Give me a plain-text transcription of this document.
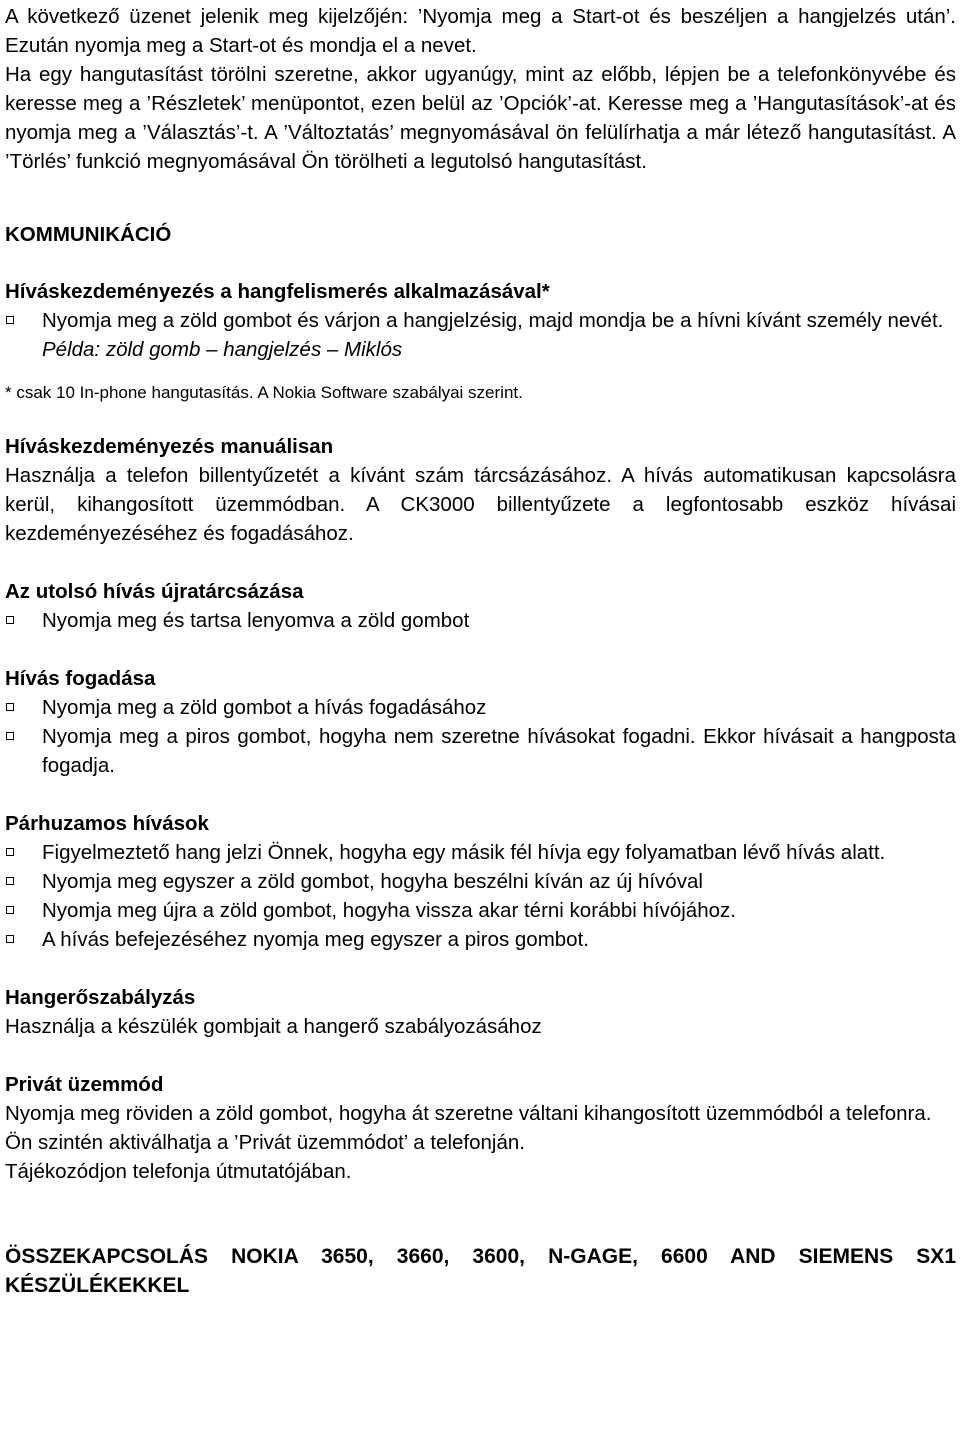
A következő üzenet jelenik meg kijelzőjén: ’Nyomja meg a Start-ot és beszéljen a hangjelzés után’. Ezután nyomja meg a Start-ot és mondja el a nevet.

Ha egy hangutasítást törölni szeretne, akkor ugyanúgy, mint az előbb, lépjen be a telefonkönyvébe és keresse meg a ’Részletek’ menüpontot, ezen belül az ’Opciók’-at. Keresse meg a ’Hangutasítások’-at és nyomja meg a ’Választás’-t. A ’Változtatás’ megnyomásával ön felülírhatja a már létező hangutasítást. A ’Törlés’ funkció megnyomásával Ön törölheti a legutolsó hangutasítást.

KOMMUNIKÁCIÓ

Híváskezdeményezés a hangfelismerés alkalmazásával*

Nyomja meg a zöld gombot és várjon a hangjelzésig, majd mondja be a hívni kívánt személy nevét.

Példa: zöld gomb – hangjelzés – Miklós

* csak 10 In-phone hangutasítás. A Nokia Software szabályai szerint.

Híváskezdeményezés manuálisan

Használja a telefon billentyűzetét a kívánt szám tárcsázásához. A hívás automatikusan kapcsolásra kerül, kihangosított üzemmódban. A CK3000 billentyűzete a legfontosabb eszköz hívásai kezdeményezéséhez és fogadásához.

Az utolsó hívás újratárcsázása

Nyomja meg és tartsa lenyomva a zöld gombot

Hívás fogadása

Nyomja meg a zöld gombot a hívás fogadásához
Nyomja meg a piros gombot, hogyha nem szeretne hívásokat fogadni. Ekkor hívásait a hangposta fogadja.

Párhuzamos hívások

Figyelmeztető hang jelzi Önnek, hogyha egy másik fél hívja egy folyamatban lévő hívás alatt.
Nyomja meg egyszer a zöld gombot, hogyha beszélni kíván az új hívóval
Nyomja meg újra a zöld gombot, hogyha vissza akar térni korábbi hívójához.
A hívás befejezéséhez nyomja meg egyszer a piros gombot.

Hangerőszabályzás

Használja a készülék gombjait a hangerő szabályozásához

Privát üzemmód

Nyomja meg röviden a zöld gombot, hogyha át szeretne váltani kihangosított üzemmódból a telefonra.

Ön szintén aktiválhatja a ’Privát üzemmódot’ a telefonján.

Tájékozódjon telefonja útmutatójában.

ÖSSZEKAPCSOLÁS NOKIA 3650, 3660, 3600, N-GAGE, 6600 AND SIEMENS SX1 KÉSZÜLÉKEKKEL
